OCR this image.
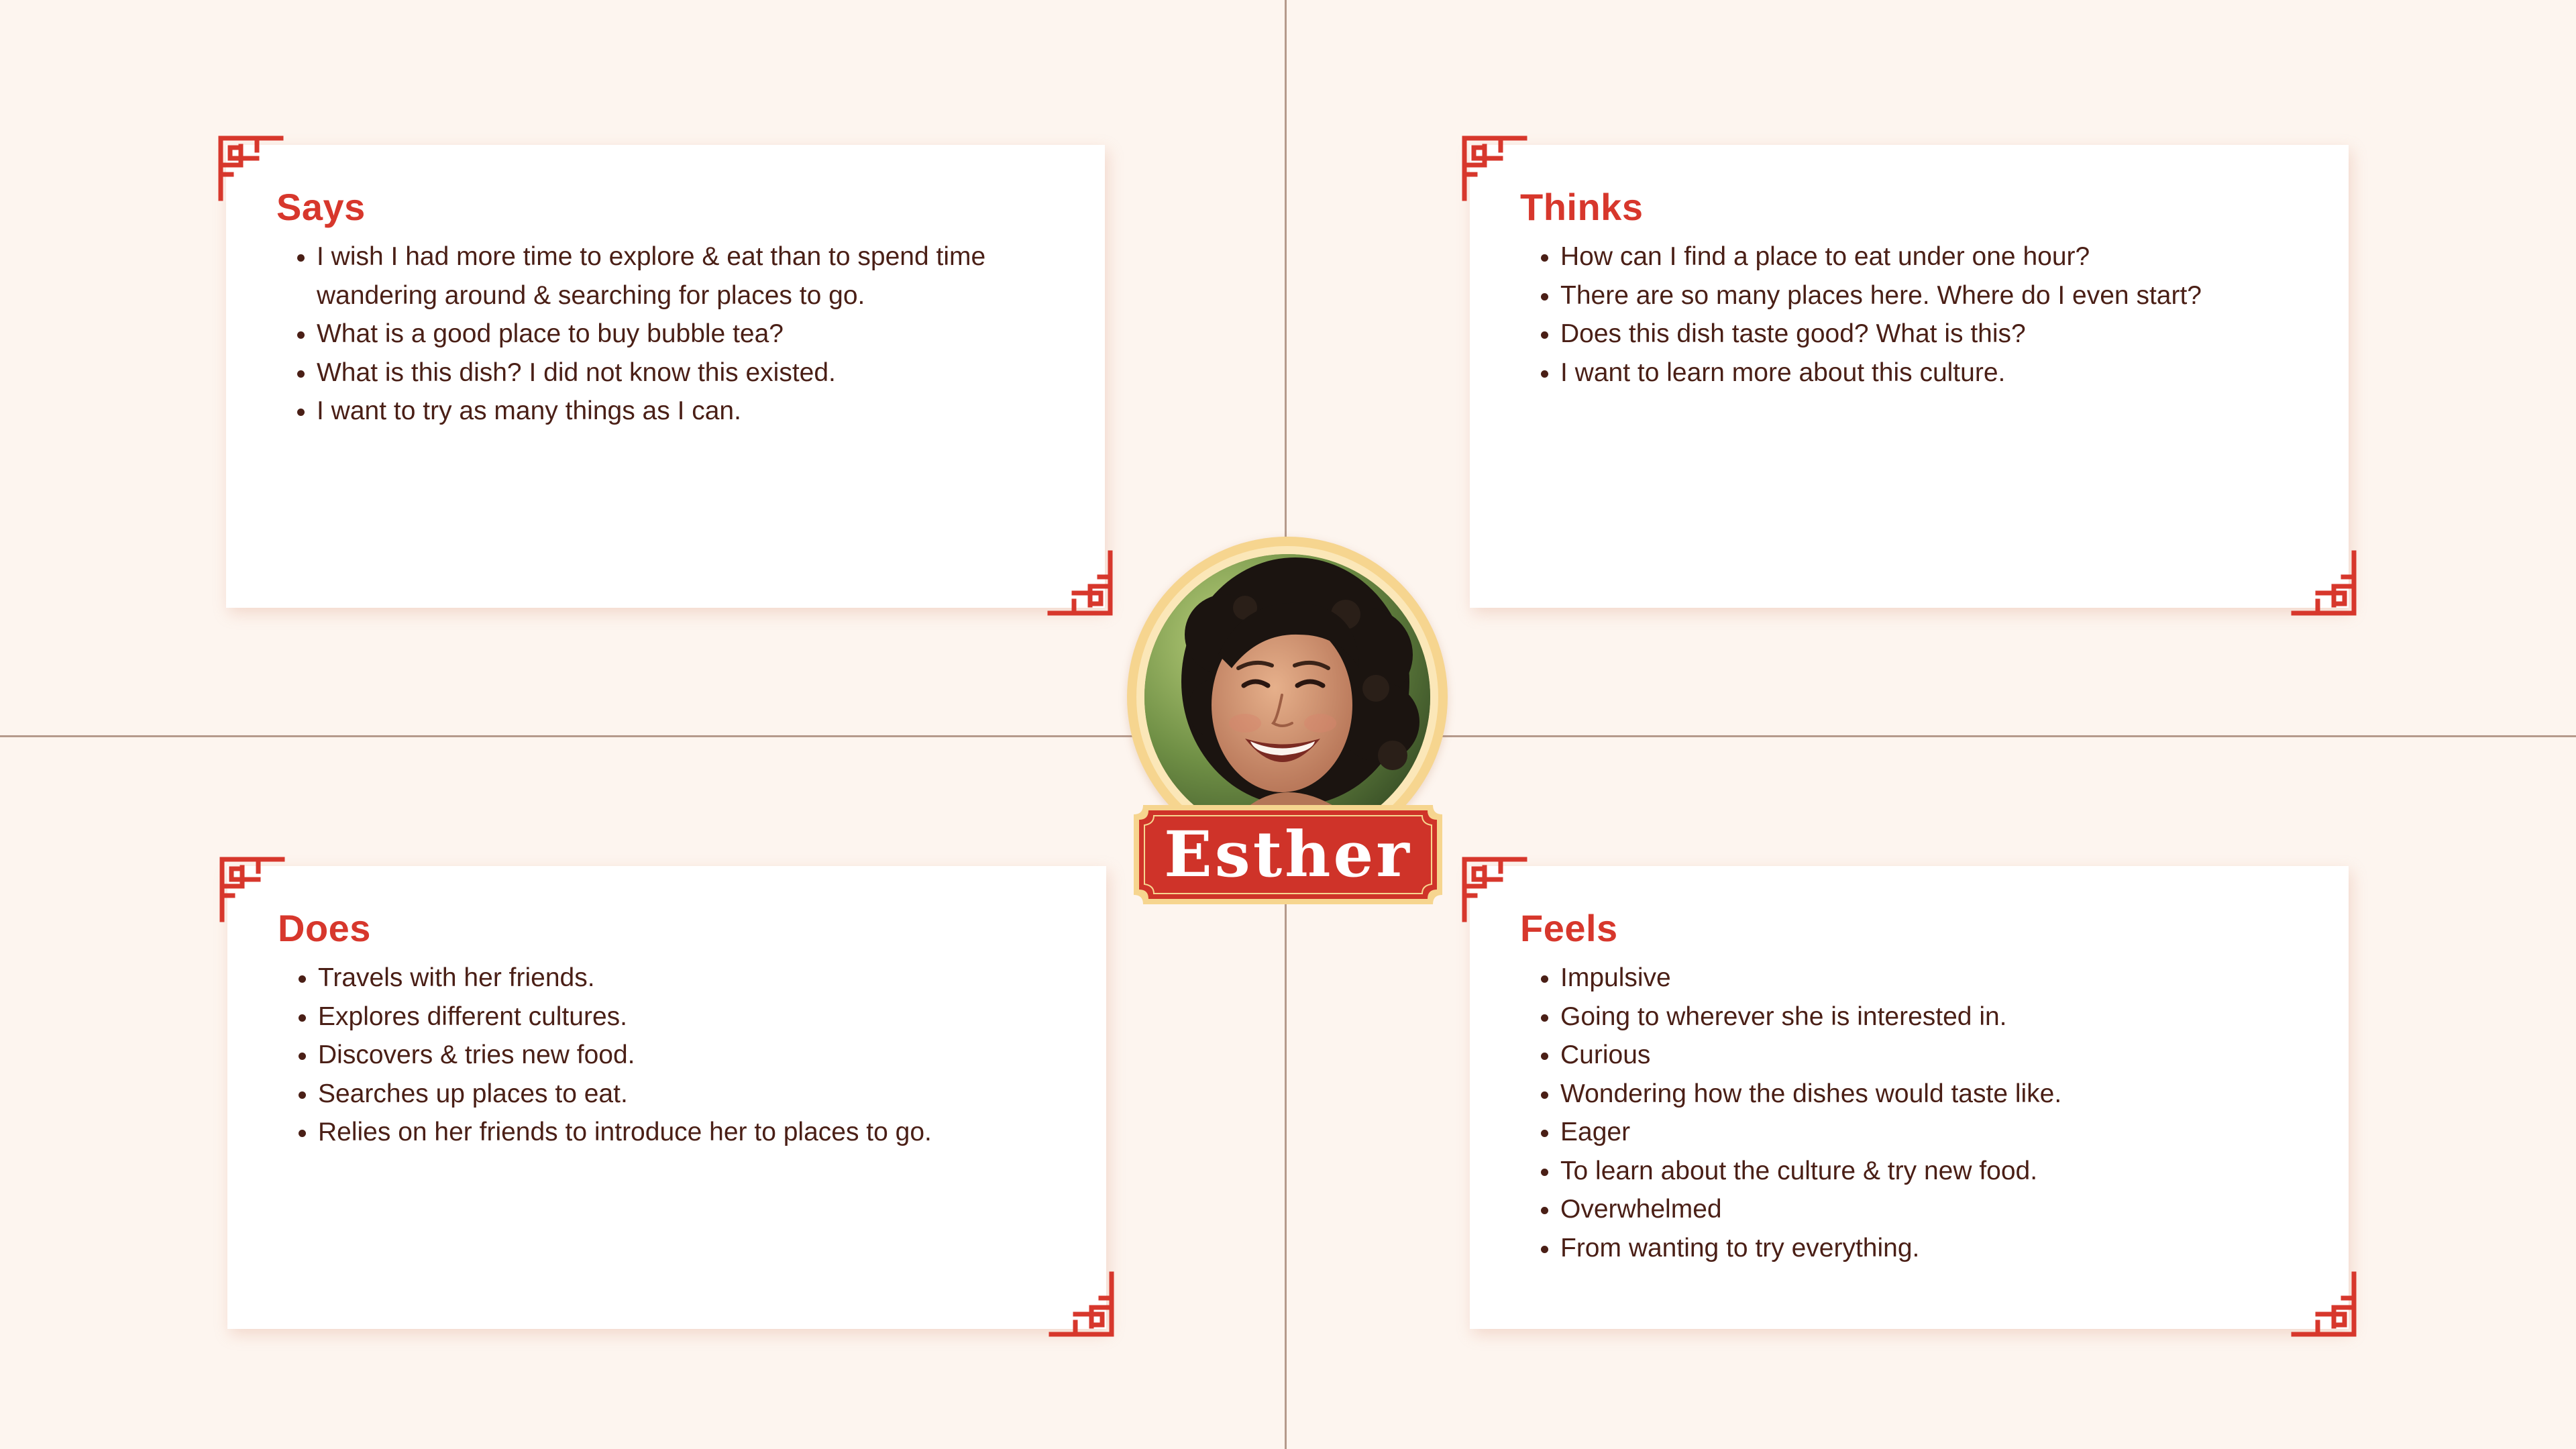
Says
• I wish I had more time to explore & eat than to spend time wandering around & searching for places to go.
• What is a good place to buy bubble tea?
• What is this dish? I did not know this existed.
• I want to try as many things as I can.
Thinks
• How can I find a place to eat under one hour?
• There are so many places here. Where do I even start?
• Does this dish taste good? What is this?
• I want to learn more about this culture.
Does
• Travels with her friends.
• Explores different cultures.
• Discovers & tries new food.
• Searches up places to eat.
• Relies on her friends to introduce her to places to go.
Feels
• Impulsive
• Going to wherever she is interested in.
• Curious
• Wondering how the dishes would taste like.
• Eager
• To learn about the culture & try new food.
• Overwhelmed
• From wanting to try everything.
Esther
